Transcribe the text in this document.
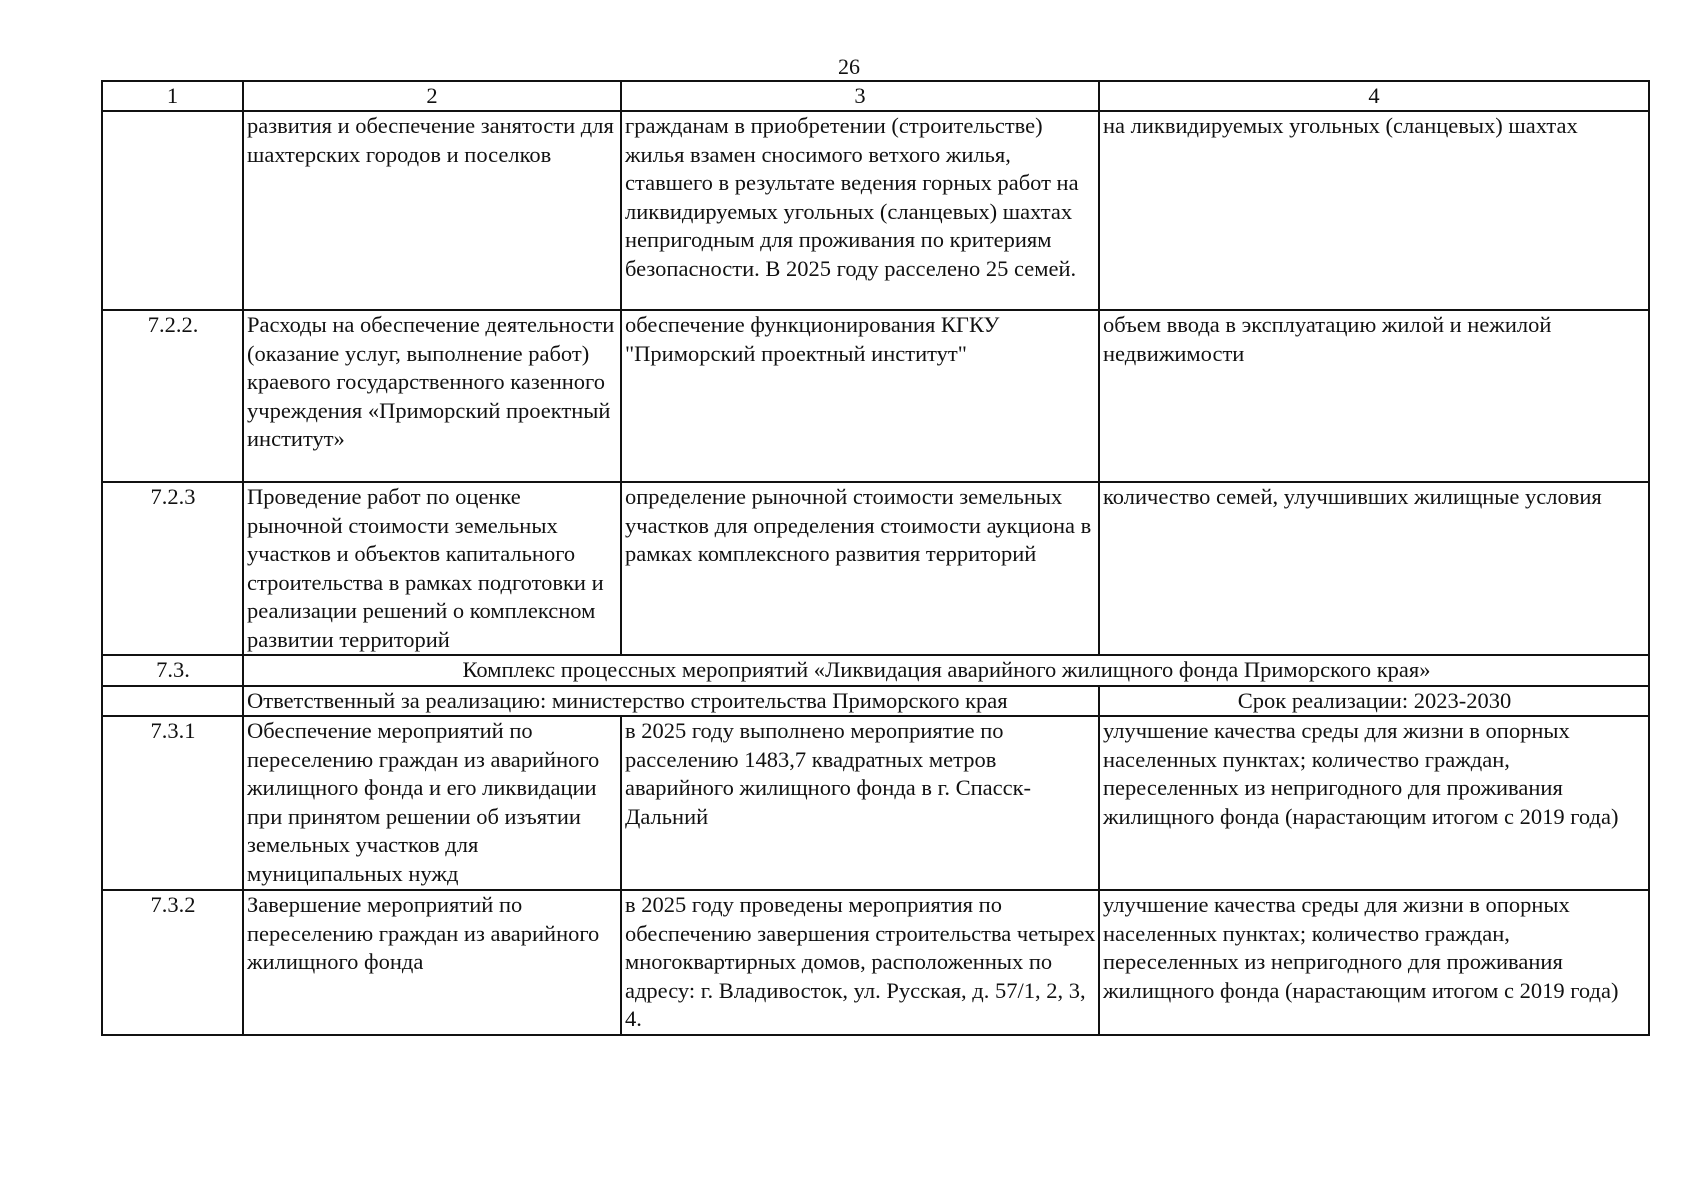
26
1	2	3	4
	развития и обеспечение занятости для шахтерских городов и поселков	гражданам в приобретении (строительстве) жилья взамен сносимого ветхого жилья, ставшего в результате ведения горных работ на ликвидируемых угольных (сланцевых) шахтах непригодным для проживания по критериям безопасности. В 2025 году расселено 25 семей.	на ликвидируемых угольных (сланцевых) шахтах
7.2.2.	Расходы на обеспечение деятельности (оказание услуг, выполнение работ) краевого государственного казенного учреждения «Приморский проектный институт»	обеспечение функционирования КГКУ "Приморский проектный институт"	объем ввода в эксплуатацию жилой и нежилой недвижимости
7.2.3	Проведение работ по оценке рыночной стоимости земельных участков и объектов капитального строительства в рамках подготовки и реализации решений о комплексном развитии территорий	определение рыночной стоимости земельных участков для определения стоимости аукциона в рамках комплексного развития территорий	количество семей, улучшивших жилищные условия
7.3.	Комплекс процессных мероприятий «Ликвидация аварийного жилищного фонда Приморского края»		
	Ответственный за реализацию: министерство строительства Приморского края		Срок реализации: 2023-2030
7.3.1	Обеспечение мероприятий по переселению граждан из аварийного жилищного фонда и его ликвидации при принятом решении об изъятии земельных участков для муниципальных нужд	в 2025 году выполнено мероприятие по расселению 1483,7 квадратных метров аварийного жилищного фонда в г. Спасск-Дальний	улучшение качества среды для жизни в опорных населенных пунктах; количество граждан, переселенных из непригодного для проживания жилищного фонда (нарастающим итогом с 2019 года)
7.3.2	Завершение мероприятий по переселению граждан из аварийного жилищного фонда	в 2025 году проведены мероприятия по обеспечению завершения строительства четырех многоквартирных домов, расположенных по адресу: г. Владивосток, ул. Русская, д. 57/1, 2, 3, 4.	улучшение качества среды для жизни в опорных населенных пунктах; количество граждан, переселенных из непригодного для проживания жилищного фонда (нарастающим итогом с 2019 года)
